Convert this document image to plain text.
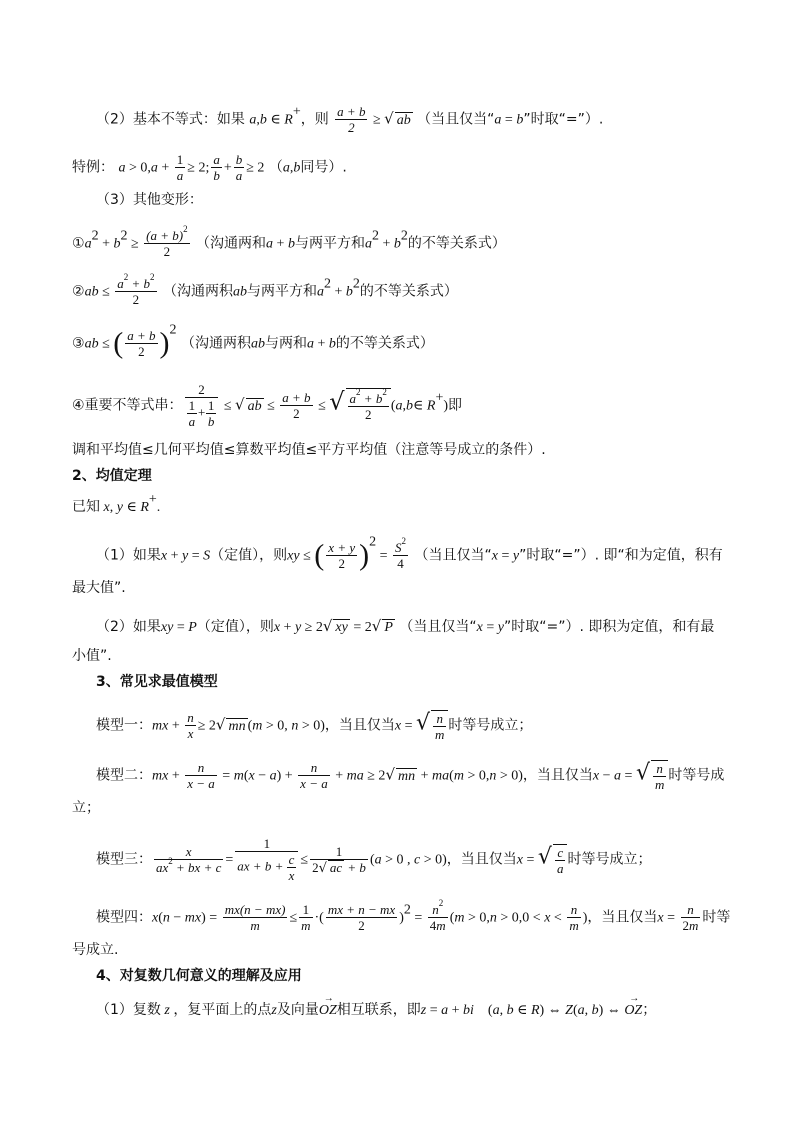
（2）基本不等式：如果 a,b ∈ R+，则 $\frac{a + b}{2}$ ≥ √ ab （当且仅当“a = b”时取“=”）.
特例： $a > 0,a + \frac{1}{a} \ge 2$; $\frac{a}{b} + \frac{b}{a} \ge 2$ （a,b同号）.
（3）其他变形：
$①a^2 + b^2 \ge \frac{(a + b)^2}{2}$ （沟通两和a + b与两平方和$a^2 + b^2$的不等关系式）
②ab ≤ $\frac{a^2 + b^2}{2}$ （沟通两积ab与两平方和$a^2 + b^2$的不等关系式）
③ab ≤ ( $\frac{a + b}{2} )^2$ （沟通两积ab与两和a + b的不等关系式）
④重要不等式串： $\frac{2}{\frac{1}{a} + \frac{1}{b}}$ ≤ √ ab ≤ $\frac{a + b}{2}$ ≤ √ $\frac{a^2 + b^2}{2}$ (a,b∈ R+)即
调和平均值≤几何平均值≤算数平均值≤平方平均值（注意等号成立的条件）.
2、均值定理
已知 x, y ∈ R+.
（1）如果x + y = S（定值），则xy ≤ ( $\frac{x + y}{2} )^2 = \frac{S^2}{4}$ （当且仅当“x = y”时取“=”）. 即“和为定值，积有
最大值”.
（2）如果xy = P（定值），则x + y ≥ 2√ xy = 2√ P （当且仅当“x = y”时取“=”）. 即积为定值，和有最
小值”.
3、常见求最值模型
模型一：mx + $\frac{n}{x} \ge 2√$ mn (m > 0, n > 0)，当且仅当x = √ $\frac{n}{m}$ 时等号成立；
模型二：mx + $\frac{n}{x - a} = m(x - a) + \frac{n}{x - a}$ + ma ≥ 2√ mn + ma(m > 0,n > 0)，当且仅当x − a = √ $\frac{n}{m}$ 时等号成
立；
模型三： $\frac{x}{ax^2 + bx + c} = \frac{1}{ax + b + \frac{c}{x}} \le \frac{1}{2√ ac + b} (a > 0$ , c > 0)，当且仅当x = √ $\frac{c}{a}$ 时等号成立；
模型四：$x(n - mx) = \frac{mx(n - mx)}{m} \le \frac{1}{m}$ ·( $\frac{mx + n - mx}{2} )^2 = \frac{n^2}{4m} (m > 0,n > 0,0 < x < \frac{n}{m}$ )，当且仅当$x = \frac{n}{2m}$ 时等
号成立.
4、对复数几何意义的理解及应用
（1）复数 z ，复平面上的点z及向量→ OZ相互联系，即z = a + bi    (a, b ∈ R) ⇔ Z(a, b) ⇔ → OZ；
